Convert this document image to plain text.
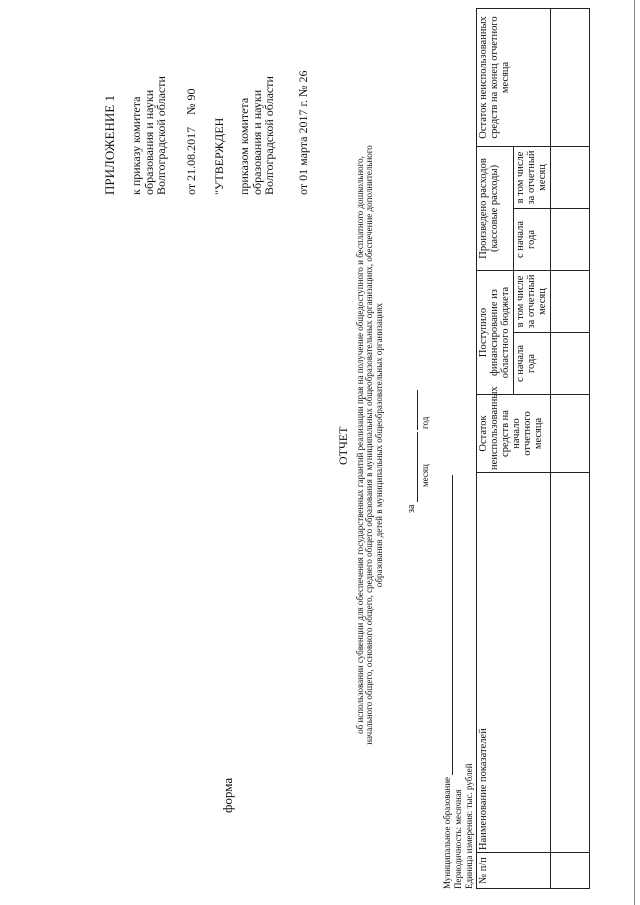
форма
ПРИЛОЖЕНИЕ 1 к приказу комитета
образования и науки
Волгоградской области от 21.08.2017    № 90
"УТВЕРЖДЕН приказом комитета
образования и науки
Волгоградской области от 01 марта 2017 г. № 26
ОТЧЕТ об использовании субвенции для обеспечения государственных гарантий реализации прав на получение общедоступного и бесплатного дошкольного, начального общего, основного общего, среднего общего образования в муниципальных общеобразовательных организациях, обеспечение дополнительного образования детей в муниципальных общеобразовательных организациях за
месяц
год
Муниципальное образование Периодичность: месячная Единица измерения: тыс. рублей № п/п	Наименование показателей	Остаток неиспользованных средств на начало отчетного месяца	Поступило финансирование из областного бюджета		Произведено расходов (кассовые расходы)		Остаток неиспользованных средств на конец отчетного месяца
			с начала года	в том числе за отчетный месяц	с начала года	в том числе за отчетный месяц	
